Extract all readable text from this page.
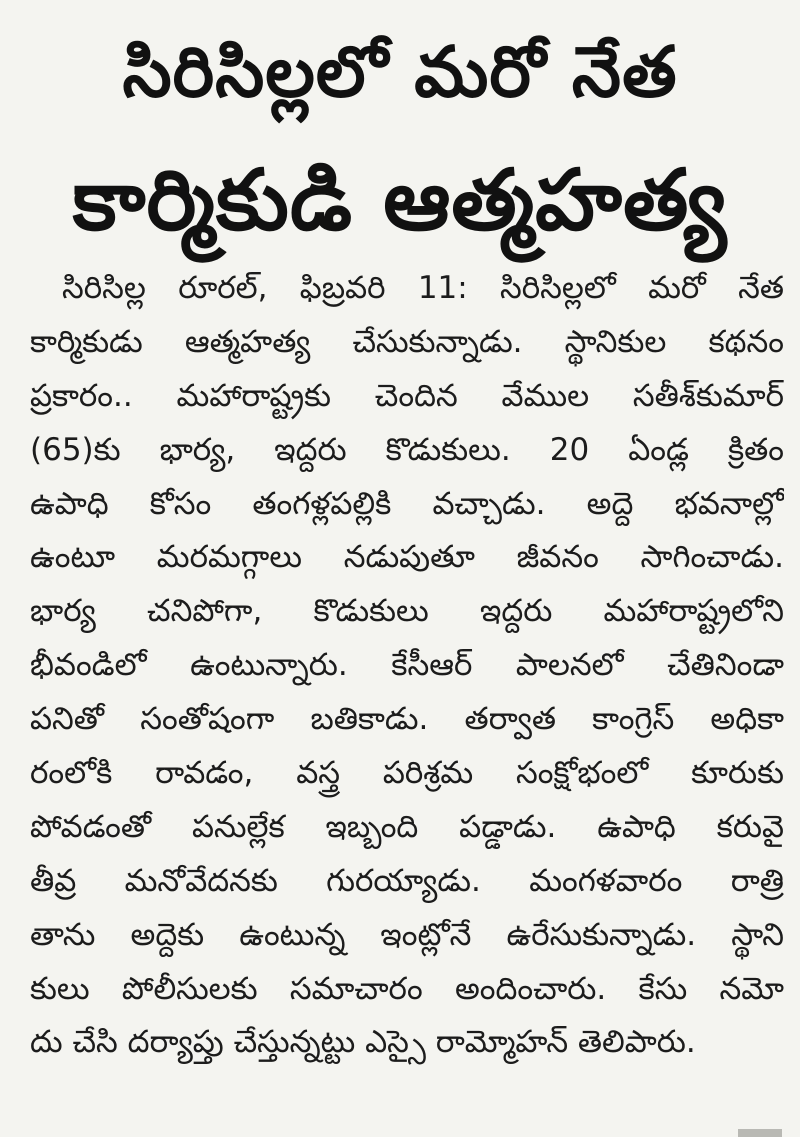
సిరిసిల్లలో మరో నేత
కార్మికుడి ఆత్మహత్య
సిరిసిల్ల రూరల్, ఫిబ్రవరి 11: సిరిసిల్లలో మరో నేత
కార్మికుడు ఆత్మహత్య చేసుకున్నాడు. స్థానికుల కథనం
ప్రకారం.. మహారాష్ట్రకు చెందిన వేముల సతీశ్‌కుమార్
(65)కు భార్య, ఇద్దరు కొడుకులు. 20 ఏండ్ల క్రితం
ఉపాధి కోసం తంగళ్లపల్లికి వచ్చాడు. అద్దె భవనాల్లో
ఉంటూ మరమగ్గాలు నడుపుతూ జీవనం సాగించాడు.
భార్య చనిపోగా, కొడుకులు ఇద్దరు మహారాష్ట్రలోని
భీవండిలో ఉంటున్నారు. కేసీఆర్ పాలనలో చేతినిండా
పనితో సంతోషంగా బతికాడు. తర్వాత కాంగ్రెస్ అధికా
రంలోకి రావడం, వస్త్ర పరిశ్రమ సంక్షోభంలో కూరుకు
పోవడంతో పనుల్లేక ఇబ్బంది పడ్డాడు. ఉపాధి కరువై
తీవ్ర మనోవేదనకు గురయ్యాడు. మంగళవారం రాత్రి
తాను అద్దెకు ఉంటున్న ఇంట్లోనే ఉరేసుకున్నాడు. స్థాని
కులు పోలీసులకు సమాచారం అందించారు. కేసు నమో
దు చేసి దర్యాప్తు చేస్తున్నట్టు ఎస్సై రామ్మోహన్ తెలిపారు.
